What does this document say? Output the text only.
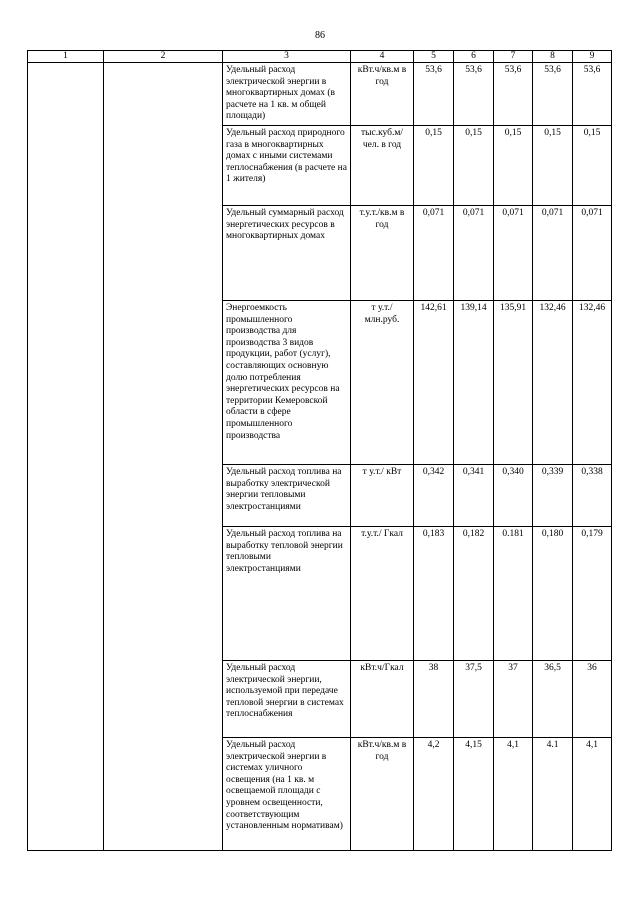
86
1	2	3	4	5	6	7	8	9
		Удельный расход электрической энергии в многоквартирных домах (в расчете на 1 кв. м общей площади)	кВт.ч/кв.м в год	53,6	53,6	53,6	53,6	53,6
		Удельный расход природного газа в многоквартирных домах с иными системами теплоснабжения (в расчете на 1 жителя)	тыс.куб.м/ чел. в год	0,15	0,15	0,15	0,15	0,15
		Удельный суммарный расход энергетических ресурсов в многоквартирных домах	т.у.т./кв.м в год	0,071	0,071	0,071	0,071	0,071
		Энергоемкость промышленного производства для производства 3 видов продукции, работ (услуг), составляющих основную долю потребления энергетических ресурсов на территории Кемеровской области в сфере промышленного производства	т у.т./ млн.руб.	142,61	139,14	135,91	132,46	132,46
		Удельный расход топлива на выработку электрической энергии тепловыми электростанциями	т у.т./ кВт	0,342	0,341	0,340	0,339	0,338
		Удельный расход топлива на выработку тепловой энергии тепловыми электростанциями	т.у.т./ Гкал	0,183	0,182	0.181	0,180	0,179
		Удельный расход электрической энергии, используемой при передаче тепловой энергии в системах теплоснабжения	кВт.ч/Гкал	38	37,5	37	36,5	36
		Удельный расход электрической энергии в системах уличного освещения (на 1 кв. м освещаемой площади с уровнем освещенности, соответствующим установленным нормативам)	кВт.ч/кв.м в год	4,2	4,15	4,1	4.1	4,1
